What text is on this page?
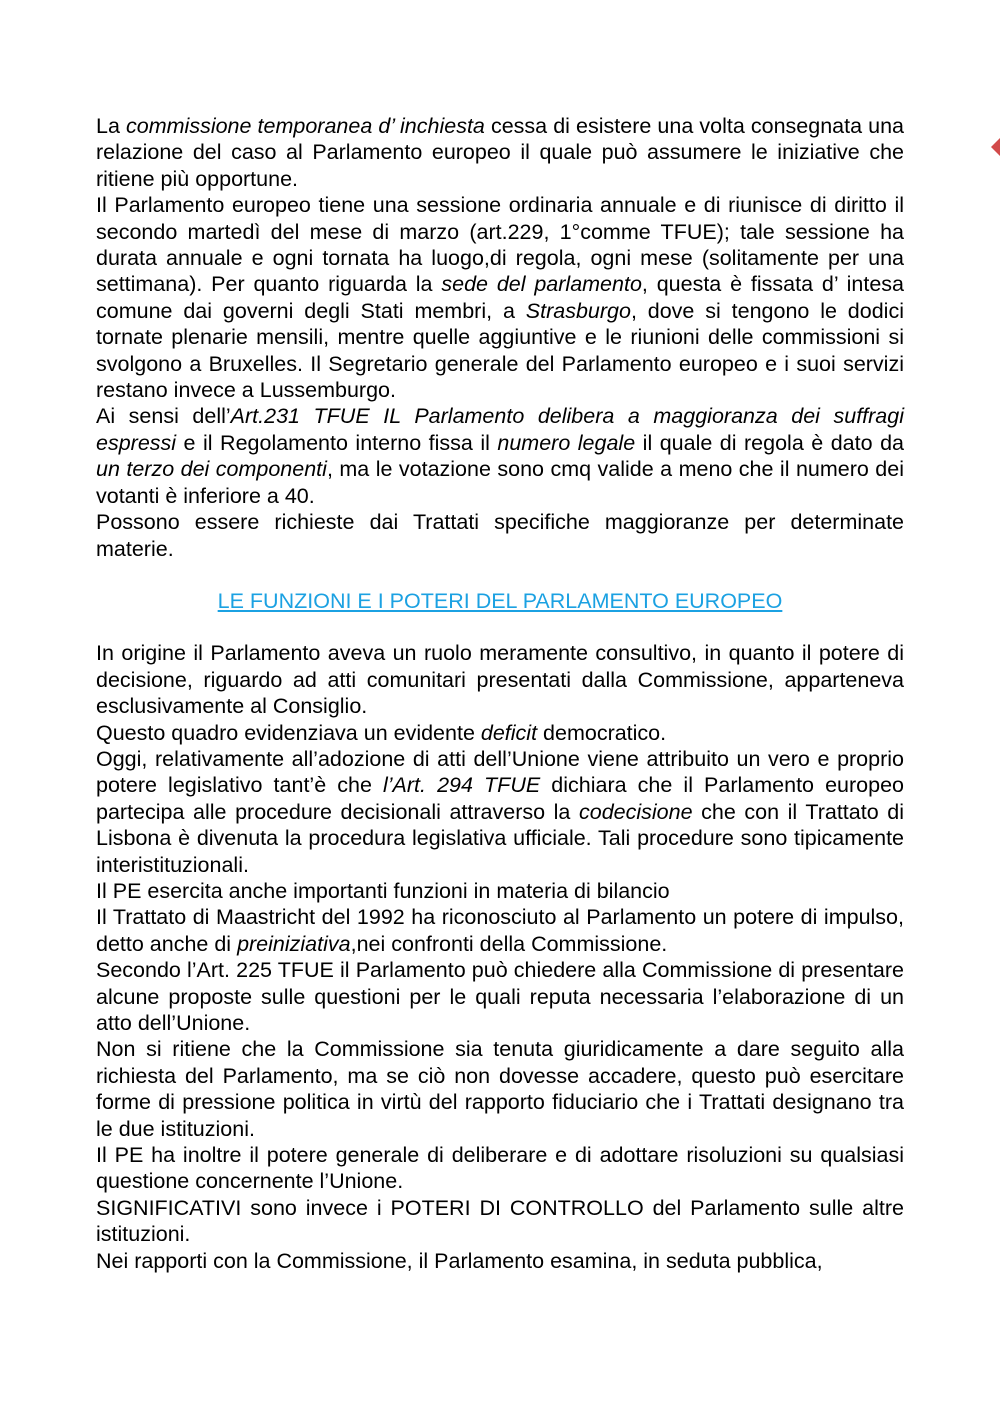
La commissione temporanea d’ inchiesta cessa di esistere una volta consegnata una relazione del caso al Parlamento europeo il quale può assumere le iniziative che ritiene più opportune.

Il Parlamento europeo tiene una sessione ordinaria annuale e di riunisce di diritto il secondo martedì del mese di marzo (art.229, 1°comme TFUE); tale sessione ha durata annuale e ogni tornata ha luogo,di regola, ogni mese (solitamente per una settimana). Per quanto riguarda la sede del parlamento, questa è fissata d’ intesa comune dai governi degli Stati membri, a Strasburgo, dove si tengono le dodici tornate plenarie mensili, mentre quelle aggiuntive e le riunioni delle commissioni si svolgono a Bruxelles. Il Segretario generale del Parlamento europeo e i suoi servizi restano invece a Lussemburgo.

Ai sensi dell’Art.231 TFUE IL Parlamento delibera a maggioranza dei suffragi espressi e il Regolamento interno fissa il numero legale il quale di regola è dato da un terzo dei componenti, ma le votazione sono cmq valide a meno che il numero dei votanti è inferiore a 40.

Possono essere richieste dai Trattati specifiche maggioranze per determinate materie.

LE FUNZIONI E I POTERI DEL PARLAMENTO EUROPEO

In origine il Parlamento aveva un ruolo meramente consultivo, in quanto il potere di decisione, riguardo ad atti comunitari presentati dalla Commissione, apparteneva esclusivamente al Consiglio.

Questo quadro evidenziava un evidente deficit democratico.

Oggi, relativamente all’adozione di atti dell’Unione viene attribuito un vero e proprio potere legislativo tant’è che l’Art. 294 TFUE dichiara che il Parlamento europeo partecipa alle procedure decisionali attraverso la codecisione che con il Trattato di Lisbona è divenuta la procedura legislativa ufficiale. Tali procedure sono tipicamente interistituzionali.

Il PE esercita anche importanti funzioni in materia di bilancio

Il Trattato di Maastricht del 1992 ha riconosciuto al Parlamento un potere di impulso, detto anche di preiniziativa,nei confronti della Commissione.

Secondo l’Art. 225 TFUE il Parlamento può chiedere alla Commissione di presentare alcune proposte sulle questioni per le quali reputa necessaria l’elaborazione di un atto dell’Unione.

Non si ritiene che la Commissione sia tenuta giuridicamente a dare seguito alla richiesta del Parlamento, ma se ciò non dovesse accadere, questo può esercitare forme di pressione politica in virtù del rapporto fiduciario che i Trattati designano tra le due istituzioni.

Il PE ha inoltre il potere generale di deliberare e di adottare risoluzioni su qualsiasi questione concernente l’Unione.

SIGNIFICATIVI sono invece i POTERI DI CONTROLLO del Parlamento sulle altre istituzioni.

Nei rapporti con la Commissione, il Parlamento esamina, in seduta pubblica,
